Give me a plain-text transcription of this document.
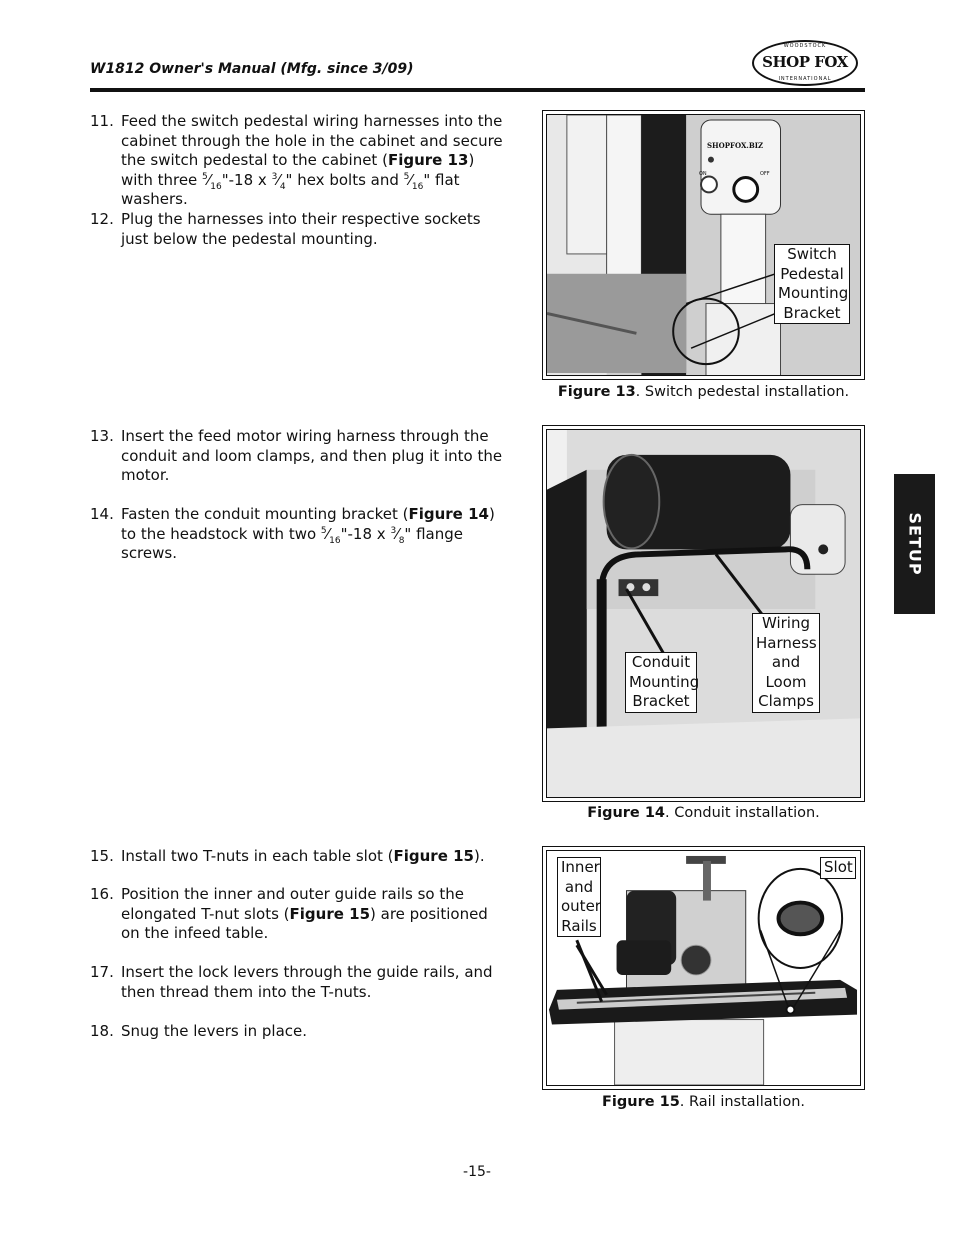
W1812 Owner's Manual (Mfg. since 3/09)
WOODSTOCK
SHOP FOX
INTERNATIONAL
11. Feed the switch pedestal wiring harnesses into the cabinet through the hole in the cabinet and secure the switch pedestal to the cabinet (Figure 13) with three $^5⁄_{16}"-18$ x $^3⁄_4$" hex bolts and $^5⁄_{16}$" flat washers.
12. Plug the harnesses into their respective sockets just below the pedestal mounting.
SHOPFOX.BIZ
ON	OFF
Switch
Pedestal
Mounting
Bracket
Figure 13. Switch pedestal installation.
13. Insert the feed motor wiring harness through the conduit and loom clamps, and then plug it into the motor.
14. Fasten the conduit mounting bracket (Figure 14) to the headstock with two $^5⁄_{16}"-18$ x $^3⁄_8$" flange screws.
Conduit
Mounting
Bracket
Wiring
Harness
and
Loom
Clamps
Figure 14. Conduit installation.
15. Install two T-nuts in each table slot (Figure 15).
16. Position the inner and outer guide rails so the elongated T-nut slots (Figure 15) are positioned on the infeed table.
17. Insert the lock levers through the guide rails, and then thread them into the T-nuts.
18. Snug the levers in place.
Inner
and
outer
Rails
Slot
Figure 15. Rail installation.
SETUP
-15-
